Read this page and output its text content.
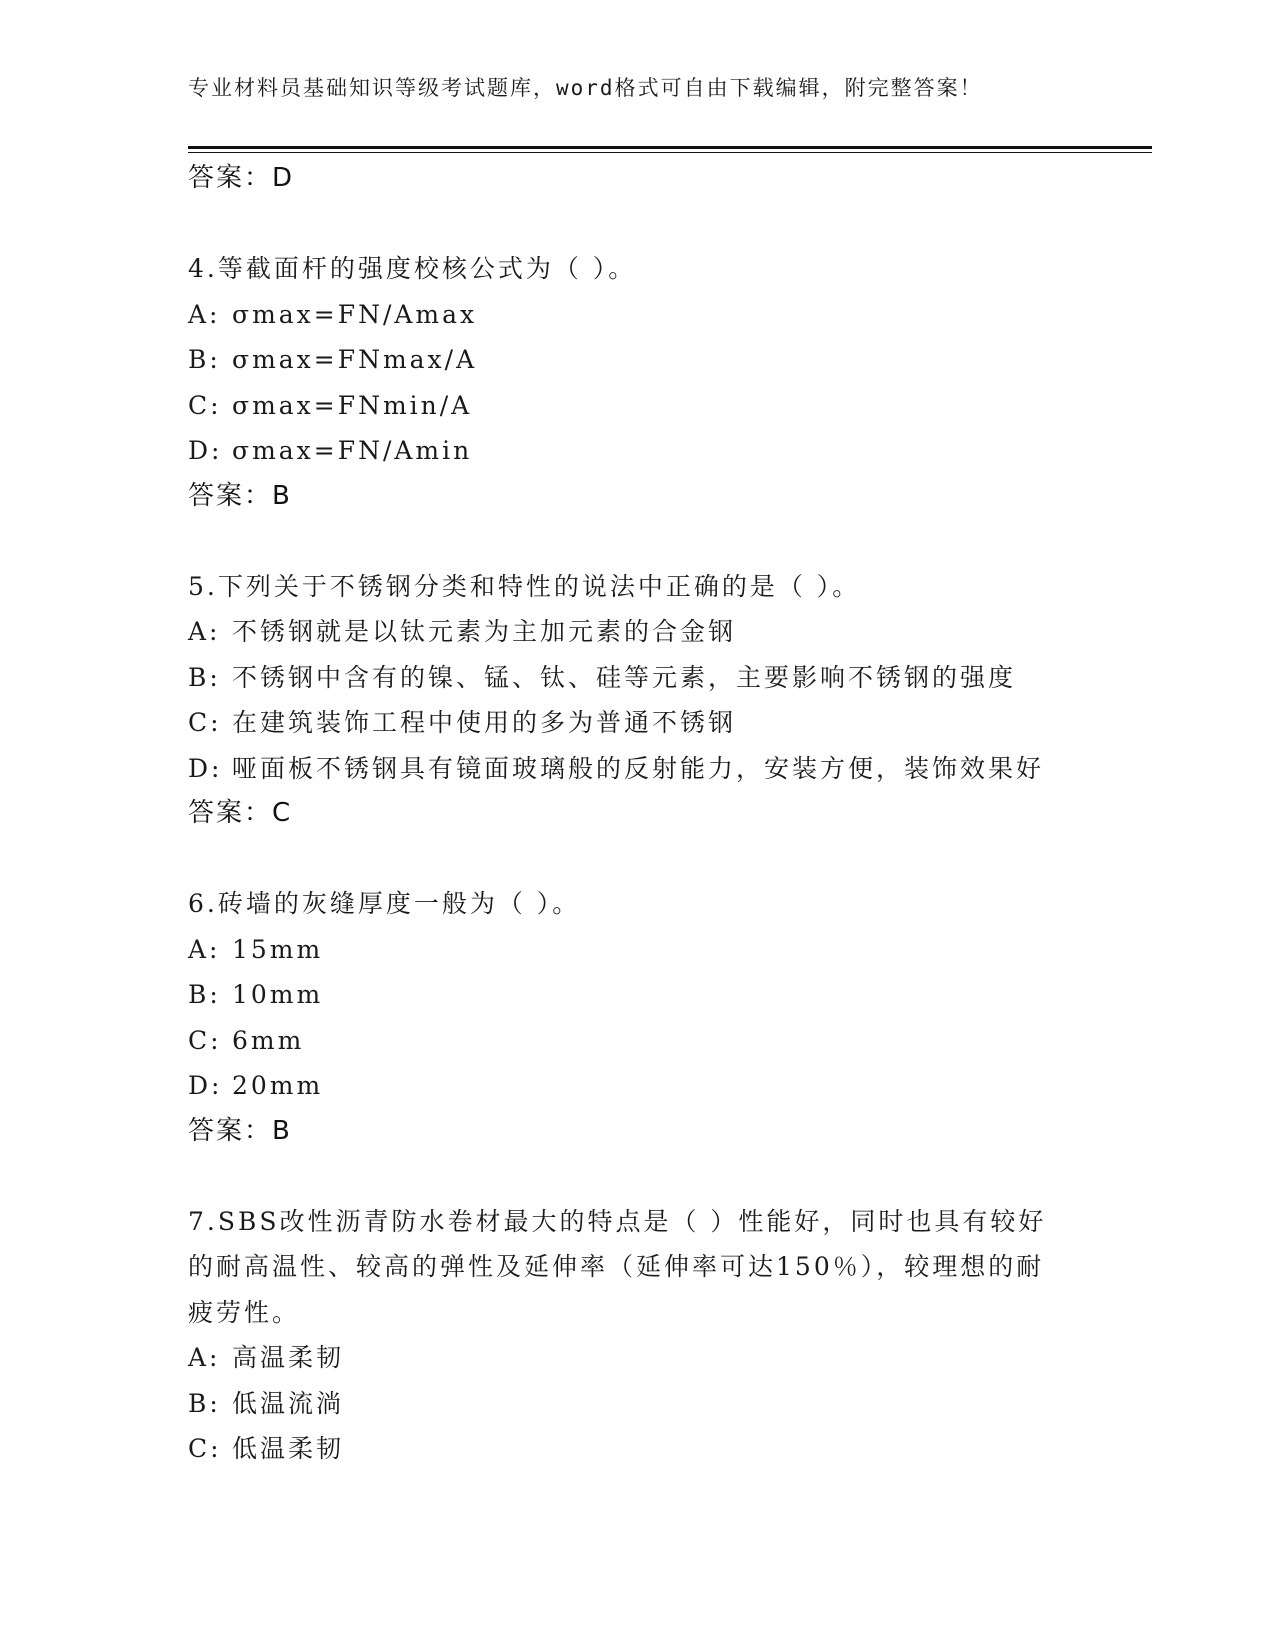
专业材料员基础知识等级考试题库，word格式可自由下载编辑，附完整答案！
答案：D
4.等截面杆的强度校核公式为（ ）。
A: σmax=FN/Amax
B: σmax=FNmax/A
C: σmax=FNmin/A
D: σmax=FN/Amin
答案：B
5.下列关于不锈钢分类和特性的说法中正确的是（ ）。
A: 不锈钢就是以钛元素为主加元素的合金钢
B: 不锈钢中含有的镍、锰、钛、硅等元素，主要影响不锈钢的强度
C: 在建筑装饰工程中使用的多为普通不锈钢
D: 哑面板不锈钢具有镜面玻璃般的反射能力，安装方便，装饰效果好
答案：C
6.砖墙的灰缝厚度一般为（ ）。
A: 15mm
B: 10mm
C: 6mm
D: 20mm
答案：B
7.SBS改性沥青防水卷材最大的特点是（ ）性能好，同时也具有较好
的耐高温性、较高的弹性及延伸率（延伸率可达150％），较理想的耐
疲劳性。
A: 高温柔韧
B: 低温流淌
C: 低温柔韧
